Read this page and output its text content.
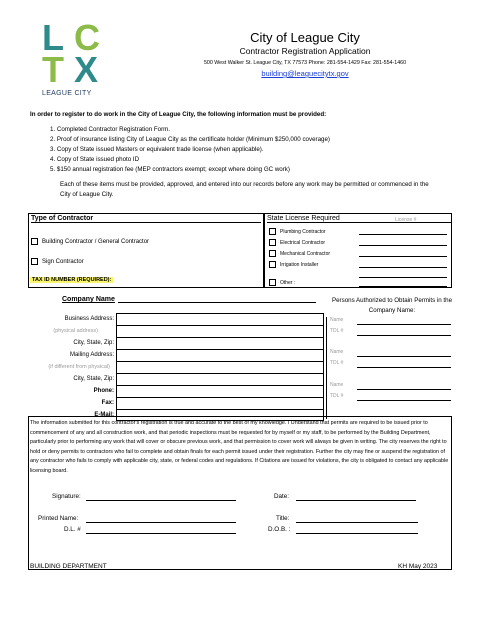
L C
T X
LEAGUE CITY
City of League City
Contractor Registration Application
500 West Walker St. League City, TX 77573 Phone: 281-554-1429 Fax: 281-554-1460
building@leaguecitytx.gov
In order to register to do work in the City of League City, the following information must be provided:
1. Completed Contractor Registration Form.
2. Proof of insurance listing City of League City as the certificate holder (Minimum $250,000 coverage)
3. Copy of State issued Masters or equivalent trade license (when applicable).
4. Copy of State issued photo ID
5. $150 annual registration fee (MEP contractors exempt; except where doing GC work)
Each of these items must be provided, approved, and entered into our records before any work may be permitted or commenced in the City of League City.
Type of Contractor
Building Contractor / General Contractor
Sign Contractor
TAX ID NUMBER (REQUIRED):
State License Required	License #
Plumbing Contractor
Electrical Contractor
Mechanical Contractor
Irrigation Installer
Other :
Company Name
Business Address:
(physical address)
City, State, Zip:
Mailing Address:
(if different from physical)
City, State, Zip:
Phone:
Fax:
E-Mail:
Persons Authorized to Obtain Permits in the Company Name:
Name
TDL #
Name
TDL #
Name
TDL #
The information submitted for this contractor's registration is true and accurate to the best of my knowledge. I Understand that permits are required to be issued prior to commencement of any and all construction work, and that periodic inspections must be requested for by myself or my staff, to be performed by the Building Department, particularly prior to performing any work that will cover or obscure previous work, and that permission to cover work will always be given in writing. The city reserves the right to hold or deny permits to contractors who fail to complete and obtain finals for each permit issued under their registration. Further the city may fine or suspend the registration of any contractor who fails to comply with applicable city, state, or federal codes and regulations. If Citations are issued for violations, the city is obligated to contact any applicable licensing board.
Signature:	Date:
Printed Name:	Title:
D.L. #	D.O.B. :
BUILDING DEPARTMENT	KH May 2023
